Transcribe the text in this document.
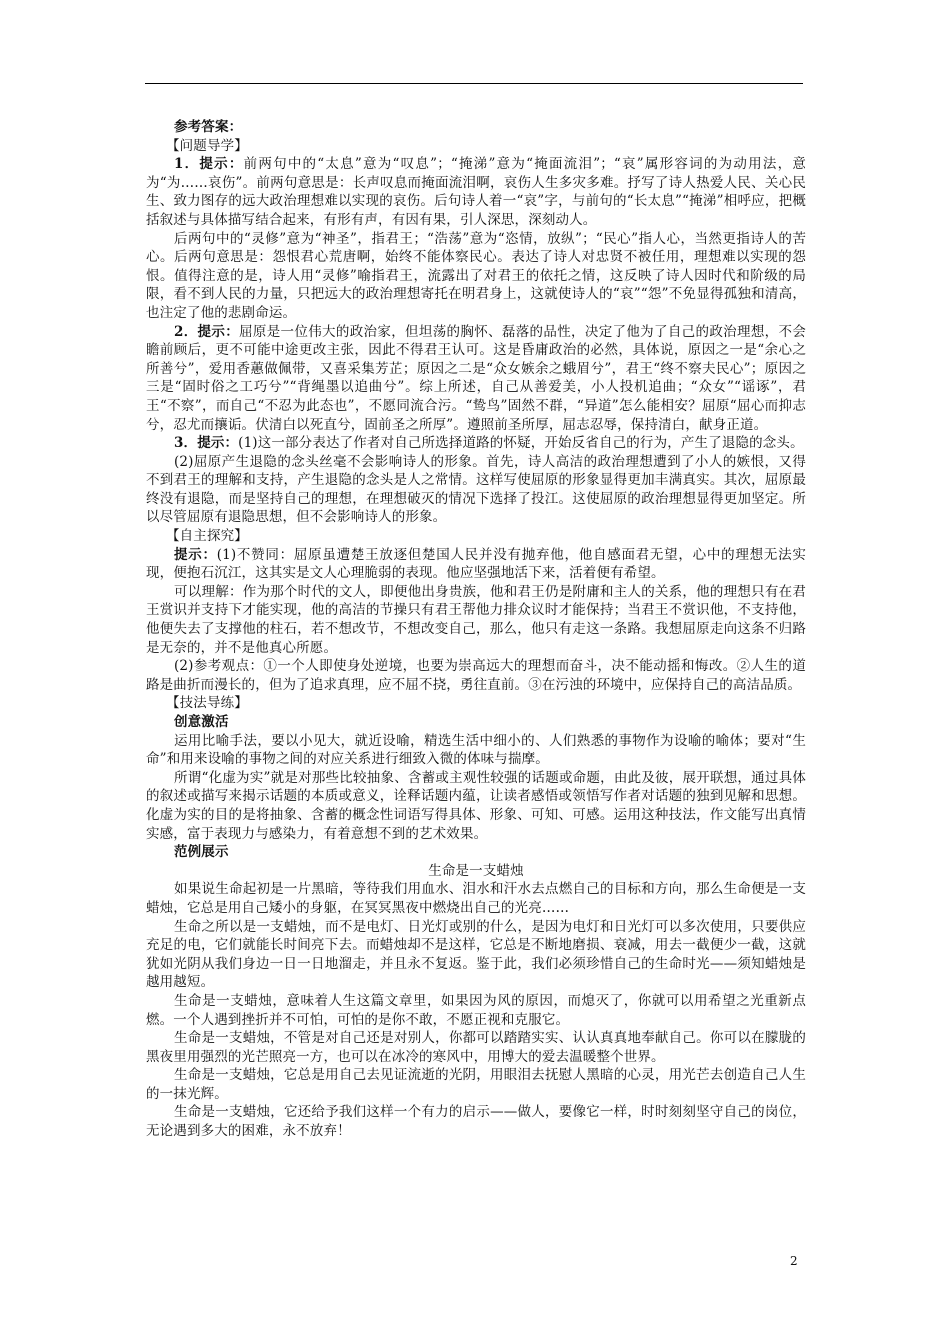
参考答案：

【问题导学】

1．提示：前两句中的“太息”意为“叹息”；“掩涕”意为“掩面流泪”；“哀”属形容词的为动用法，意为“为……哀伤”。前两句意思是：长声叹息而掩面流泪啊，哀伤人生多灾多难。抒写了诗人热爱人民、关心民生、致力图存的远大政治理想难以实现的哀伤。后句诗人着一“哀”字，与前句的“长太息”“掩涕”相呼应，把概括叙述与具体描写结合起来，有形有声，有因有果，引人深思，深刻动人。

后两句中的“灵修”意为“神圣”，指君王；“浩荡”意为“恣情，放纵”；“民心”指人心，当然更指诗人的苦心。后两句意思是：怨恨君心荒唐啊，始终不能体察民心。表达了诗人对忠贤不被任用，理想难以实现的怨恨。值得注意的是，诗人用“灵修”喻指君王，流露出了对君王的依托之情，这反映了诗人因时代和阶级的局限，看不到人民的力量，只把远大的政治理想寄托在明君身上，这就使诗人的“哀”“怨”不免显得孤独和清高，也注定了他的悲剧命运。

2．提示：屈原是一位伟大的政治家，但坦荡的胸怀、磊落的品性，决定了他为了自己的政治理想，不会瞻前顾后，更不可能中途更改主张，因此不得君王认可。这是昏庸政治的必然，具体说，原因之一是“余心之所善兮”，爱用香蕙做佩带，又喜采集芳芷；原因之二是“众女嫉余之蛾眉兮”，君王“终不察夫民心”；原因之三是“固时俗之工巧兮”“背绳墨以追曲兮”。综上所述，自己从善爱美，小人投机追曲；“众女”“谣诼”，君王“不察”，而自己“不忍为此态也”，不愿同流合污。“鸷鸟”固然不群，“异道”怎么能相安？屈原“屈心而抑志兮，忍尤而攘诟。伏清白以死直兮，固前圣之所厚”。遵照前圣所厚，屈志忍辱，保持清白，献身正道。

3．提示：(1)这一部分表达了作者对自己所选择道路的怀疑，开始反省自己的行为，产生了退隐的念头。

(2)屈原产生退隐的念头丝毫不会影响诗人的形象。首先，诗人高洁的政治理想遭到了小人的嫉恨，又得不到君王的理解和支持，产生退隐的念头是人之常情。这样写使屈原的形象显得更加丰满真实。其次，屈原最终没有退隐，而是坚持自己的理想，在理想破灭的情况下选择了投江。这使屈原的政治理想显得更加坚定。所以尽管屈原有退隐思想，但不会影响诗人的形象。

【自主探究】

提示：(1)不赞同：屈原虽遭楚王放逐但楚国人民并没有抛弃他，他自感面君无望，心中的理想无法实现，便抱石沉江，这其实是文人心理脆弱的表现。他应坚强地活下来，活着便有希望。

可以理解：作为那个时代的文人，即便他出身贵族，他和君王仍是附庸和主人的关系，他的理想只有在君王赏识并支持下才能实现，他的高洁的节操只有君王帮他力排众议时才能保持；当君王不赏识他，不支持他，他便失去了支撑他的柱石，若不想改节，不想改变自己，那么，他只有走这一条路。我想屈原走向这条不归路是无奈的，并不是他真心所愿。

(2)参考观点：①一个人即使身处逆境，也要为崇高远大的理想而奋斗，决不能动摇和悔改。②人生的道路是曲折而漫长的，但为了追求真理，应不屈不挠，勇往直前。③在污浊的环境中，应保持自己的高洁品质。

【技法导练】

创意激活

运用比喻手法，要以小见大，就近设喻，精选生活中细小的、人们熟悉的事物作为设喻的喻体；要对“生命”和用来设喻的事物之间的对应关系进行细致入微的体味与揣摩。

所谓“化虚为实”就是对那些比较抽象、含蓄或主观性较强的话题或命题，由此及彼，展开联想，通过具体的叙述或描写来揭示话题的本质或意义，诠释话题内蕴，让读者感悟或领悟写作者对话题的独到见解和思想。化虚为实的目的是将抽象、含蓄的概念性词语写得具体、形象、可知、可感。运用这种技法，作文能写出真情实感，富于表现力与感染力，有着意想不到的艺术效果。

范例展示

生命是一支蜡烛

如果说生命起初是一片黑暗，等待我们用血水、泪水和汗水去点燃自己的目标和方向，那么生命便是一支蜡烛，它总是用自己矮小的身躯，在冥冥黑夜中燃烧出自己的光亮……

生命之所以是一支蜡烛，而不是电灯、日光灯或别的什么，是因为电灯和日光灯可以多次使用，只要供应充足的电，它们就能长时间亮下去。而蜡烛却不是这样，它总是不断地磨损、衰减，用去一截便少一截，这就犹如光阴从我们身边一日一日地溜走，并且永不复返。鉴于此，我们必须珍惜自己的生命时光——须知蜡烛是越用越短。

生命是一支蜡烛，意味着人生这篇文章里，如果因为风的原因，而熄灭了，你就可以用希望之光重新点燃。一个人遇到挫折并不可怕，可怕的是你不敢，不愿正视和克服它。

生命是一支蜡烛，不管是对自己还是对别人，你都可以踏踏实实、认认真真地奉献自己。你可以在朦胧的黑夜里用强烈的光芒照亮一方，也可以在冰冷的寒风中，用博大的爱去温暖整个世界。

生命是一支蜡烛，它总是用自己去见证流逝的光阴，用眼泪去抚慰人黑暗的心灵，用光芒去创造自己人生的一抹光辉。

生命是一支蜡烛，它还给予我们这样一个有力的启示——做人，要像它一样，时时刻刻坚守自己的岗位，无论遇到多大的困难，永不放弃！

2
